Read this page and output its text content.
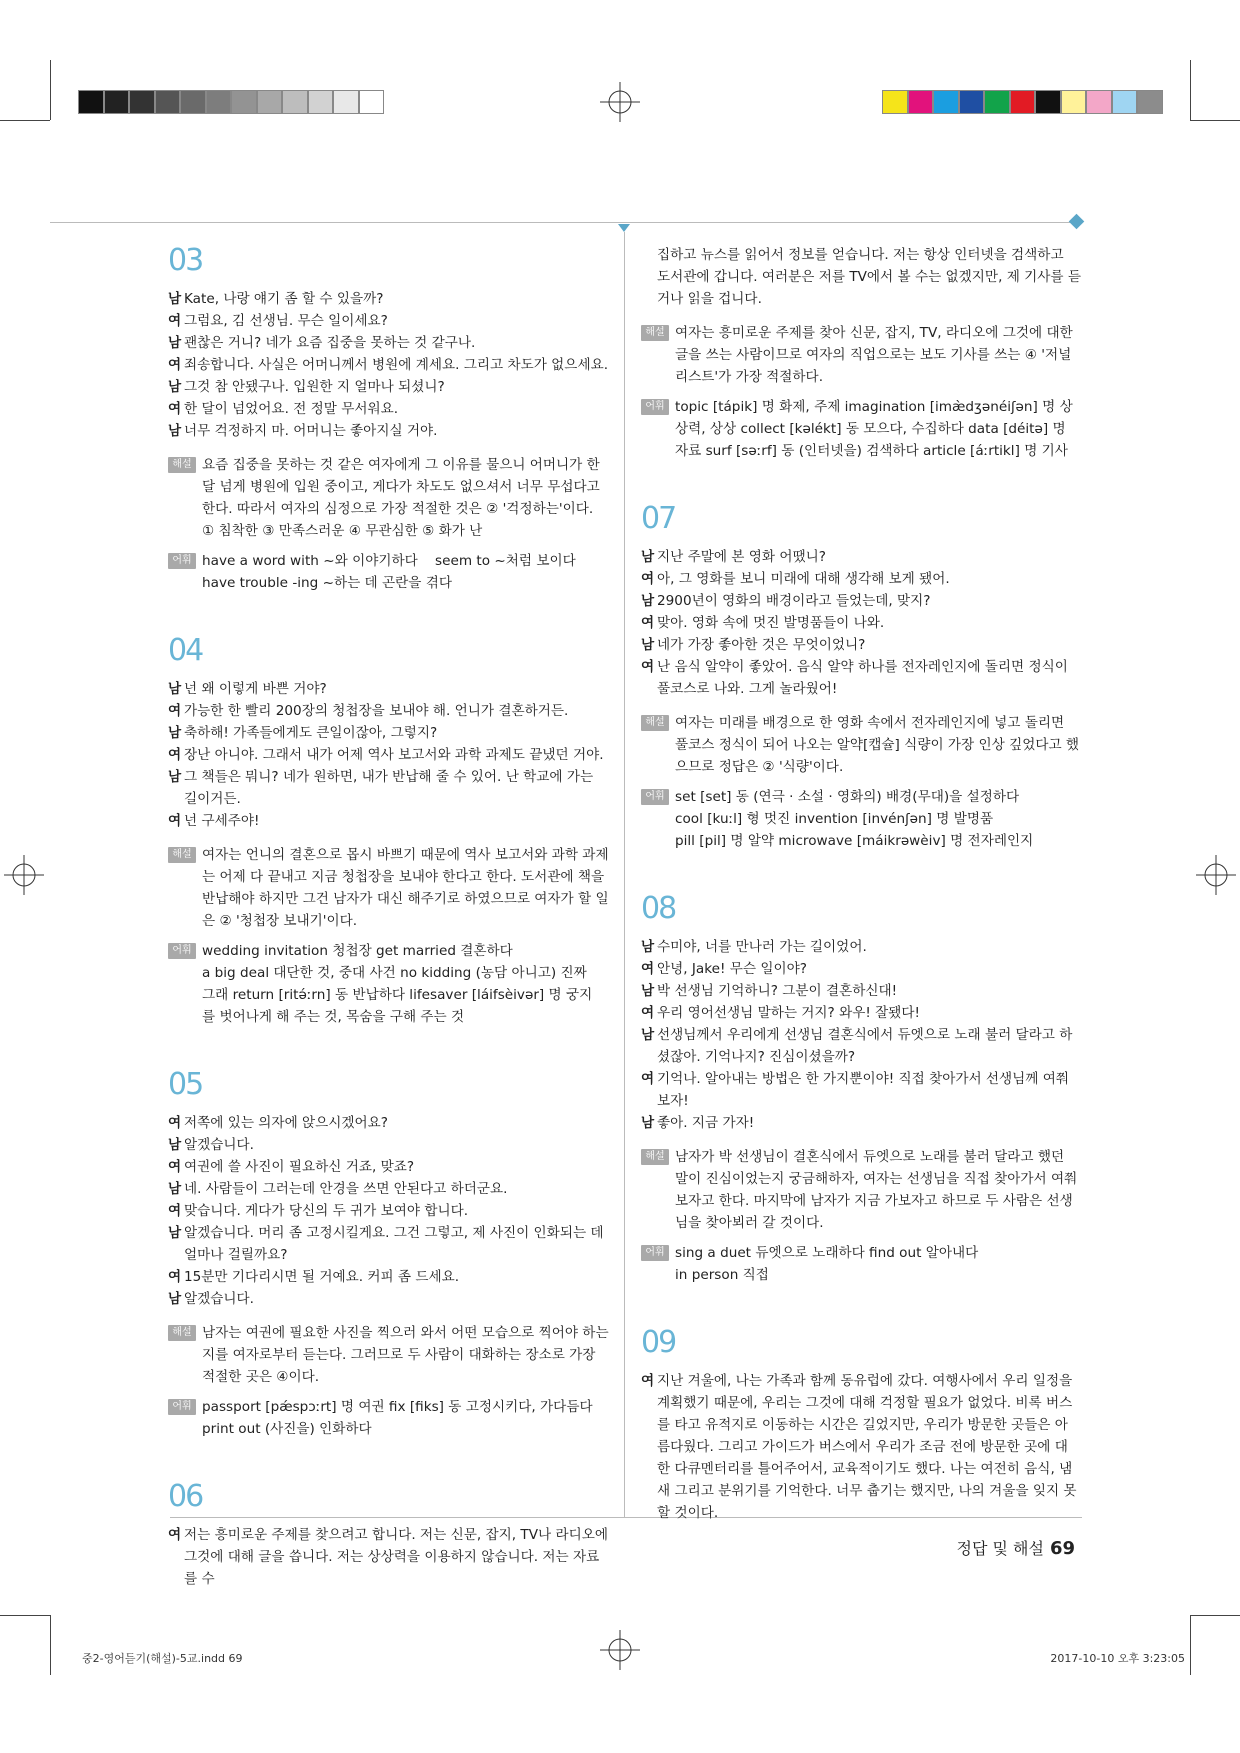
03
남 Kate, 나랑 얘기 좀 할 수 있을까?
여 그럼요, 김 선생님. 무슨 일이세요?
남 괜찮은 거니? 네가 요즘 집중을 못하는 것 같구나.
여 죄송합니다. 사실은 어머니께서 병원에 계세요. 그리고 차도가 없으세요.
남 그것 참 안됐구나. 입원한 지 얼마나 되셨니?
여 한 달이 넘었어요. 전 정말 무서워요.
남 너무 걱정하지 마. 어머니는 좋아지실 거야.
해설 요즘 집중을 못하는 것 같은 여자에게 그 이유를 물으니 어머니가 한 달 넘게 병원에 입원 중이고, 게다가 차도도 없으셔서 너무 무섭다고 한다. 따라서 여자의 심정으로 가장 적절한 것은 ② '걱정하는'이다.
① 침착한 ③ 만족스러운 ④ 무관심한 ⑤ 화가 난
어휘 have a word with ~와 이야기하다 seem to ~처럼 보이다
have trouble -ing ~하는 데 곤란을 겪다
04
남 넌 왜 이렇게 바쁜 거야?
여 가능한 한 빨리 200장의 청첩장을 보내야 해. 언니가 결혼하거든.
남 축하해! 가족들에게도 큰일이잖아, 그렇지?
여 장난 아니야. 그래서 내가 어제 역사 보고서와 과학 과제도 끝냈던 거야.
남 그 책들은 뭐니? 네가 원하면, 내가 반납해 줄 수 있어. 난 학교에 가는 길이거든.
여 넌 구세주야!
해설 여자는 언니의 결혼으로 몹시 바쁘기 때문에 역사 보고서와 과학 과제는 어제 다 끝내고 지금 청첩장을 보내야 한다고 한다. 도서관에 책을 반납해야 하지만 그건 남자가 대신 해주기로 하였으므로 여자가 할 일은 ② '청첩장 보내기'이다.
어휘 wedding invitation 청첩장 get married 결혼하다
a big deal 대단한 것, 중대 사건 no kidding (농담 아니고) 진짜
그래 return [ritə́ːrn] 동 반납하다 lifesaver [láifsèivər] 명 궁지
를 벗어나게 해 주는 것, 목숨을 구해 주는 것
05
여 저쪽에 있는 의자에 앉으시겠어요?
남 알겠습니다.
여 여권에 쓸 사진이 필요하신 거죠, 맞죠?
남 네. 사람들이 그러는데 안경을 쓰면 안된다고 하더군요.
여 맞습니다. 게다가 당신의 두 귀가 보여야 합니다.
남 알겠습니다. 머리 좀 고정시킬게요. 그건 그렇고, 제 사진이 인화되는 데 얼마나 걸릴까요?
여 15분만 기다리시면 될 거예요. 커피 좀 드세요.
남 알겠습니다.
해설 남자는 여권에 필요한 사진을 찍으러 와서 어떤 모습으로 찍어야 하는지를 여자로부터 듣는다. 그러므로 두 사람이 대화하는 장소로 가장 적절한 곳은 ④이다.
어휘 passport [pǽspɔːrt] 명 여권 fix [fiks] 동 고정시키다, 가다듬다
print out (사진을) 인화하다
06
여 저는 흥미로운 주제를 찾으려고 합니다. 저는 신문, 잡지, TV나 라디오에 그것에 대해 글을 씁니다. 저는 상상력을 이용하지 않습니다. 저는 자료를 수
집하고 뉴스를 읽어서 정보를 얻습니다. 저는 항상 인터넷을 검색하고 도서관에 갑니다. 여러분은 저를 TV에서 볼 수는 없겠지만, 제 기사를 듣거나 읽을 겁니다.
해설 여자는 흥미로운 주제를 찾아 신문, 잡지, TV, 라디오에 그것에 대한 글을 쓰는 사람이므로 여자의 직업으로는 보도 기사를 쓰는 ④ '저널리스트'가 가장 적절하다.
어휘 topic [tápik] 명 화제, 주제 imagination [imæ̀dʒənéiʃən] 명 상
상력, 상상 collect [kəlékt] 동 모으다, 수집하다 data [déitə] 명
자료 surf [səːrf] 동 (인터넷을) 검색하다 article [áːrtikl] 명 기사
07
남 지난 주말에 본 영화 어땠니?
여 아, 그 영화를 보니 미래에 대해 생각해 보게 됐어.
남 2900년이 영화의 배경이라고 들었는데, 맞지?
여 맞아. 영화 속에 멋진 발명품들이 나와.
남 네가 가장 좋아한 것은 무엇이었니?
여 난 음식 알약이 좋았어. 음식 알약 하나를 전자레인지에 돌리면 정식이 풀코스로 나와. 그게 놀라웠어!
해설 여자는 미래를 배경으로 한 영화 속에서 전자레인지에 넣고 돌리면 풀코스 정식이 되어 나오는 알약[캡슐] 식량이 가장 인상 깊었다고 했으므로 정답은 ② '식량'이다.
어휘 set [set] 동 (연극 · 소설 · 영화의) 배경(무대)을 설정하다
cool [kuːl] 형 멋진 invention [invénʃən] 명 발명품
pill [pil] 명 알약 microwave [máikrəwèiv] 명 전자레인지
08
남 수미야, 너를 만나러 가는 길이었어.
여 안녕, Jake! 무슨 일이야?
남 박 선생님 기억하니? 그분이 결혼하신대!
여 우리 영어선생님 말하는 거지? 와우! 잘됐다!
남 선생님께서 우리에게 선생님 결혼식에서 듀엣으로 노래 불러 달라고 하셨잖아. 기억나지? 진심이셨을까?
여 기억나. 알아내는 방법은 한 가지뿐이야! 직접 찾아가서 선생님께 여쭤보자!
남 좋아. 지금 가자!
해설 남자가 박 선생님이 결혼식에서 듀엣으로 노래를 불러 달라고 했던 말이 진심이었는지 궁금해하자, 여자는 선생님을 직접 찾아가서 여쭤보자고 한다. 마지막에 남자가 지금 가보자고 하므로 두 사람은 선생님을 찾아뵈러 갈 것이다.
어휘 sing a duet 듀엣으로 노래하다 find out 알아내다
in person 직접
09
여 지난 겨울에, 나는 가족과 함께 동유럽에 갔다. 여행사에서 우리 일정을 계획했기 때문에, 우리는 그것에 대해 걱정할 필요가 없었다. 비록 버스를 타고 유적지로 이동하는 시간은 길었지만, 우리가 방문한 곳들은 아름다웠다. 그리고 가이드가 버스에서 우리가 조금 전에 방문한 곳에 대한 다큐멘터리를 틀어주어서, 교육적이기도 했다. 나는 여전히 음식, 냄새 그리고 분위기를 기억한다. 너무 춥기는 했지만, 나의 겨울을 잊지 못할 것이다.
정답 및 해설 69
중2-영어듣기(해설)-5교.indd 69	2017-10-10 오후 3:23:05
